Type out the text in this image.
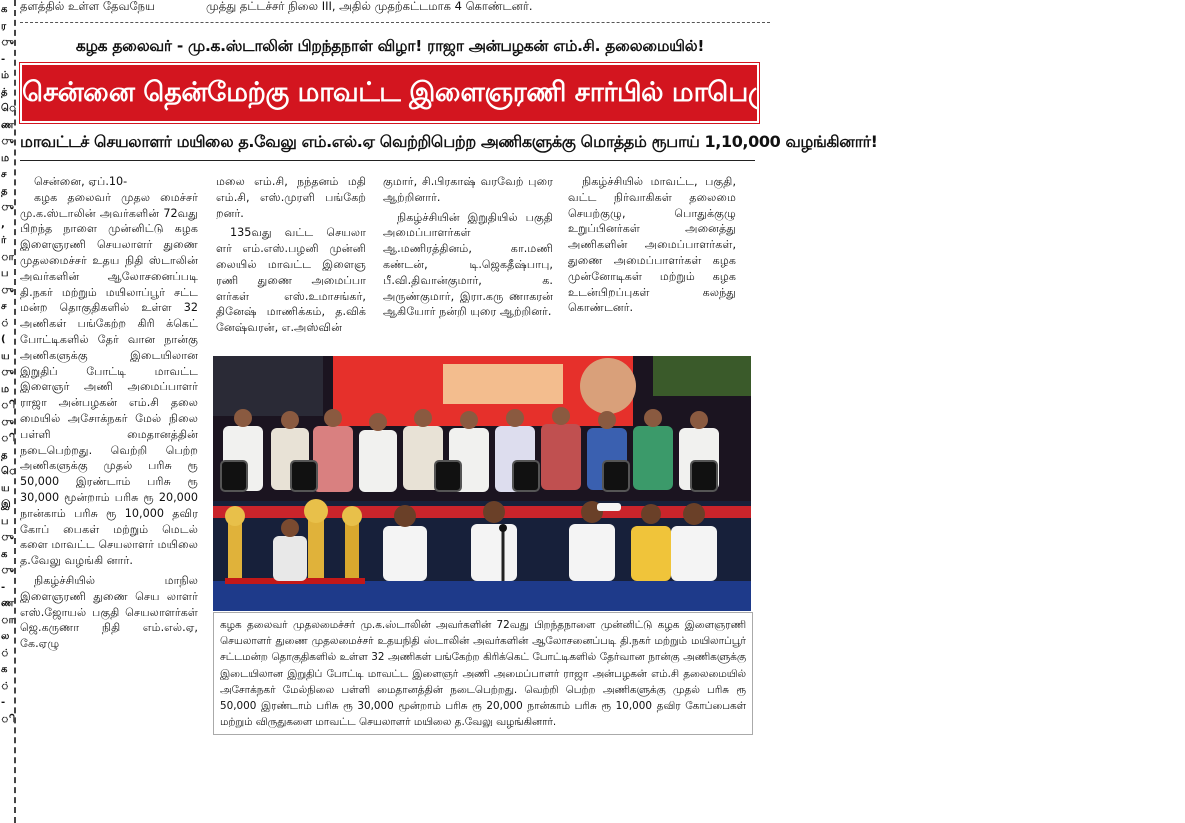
க
ர
ு
-
ம்
த்
ெ
ண
ு
ம
ச
த
ு
,
ர்
ா
ப
ு
ச
்
(
ய
ு
ம
ி
ு
ி
த
ெ
ய
இ
ப
ு
க
ு
-
ண
ா
ல
்
க
்
-
ி
தளத்தில் உள்ள தேவநேய	முத்து தட்டச்சர் நிலை III, அதில் முதற்கட்டமாக 4 கொண்டனர்.
கழக தலைவர் - மு.க.ஸ்டாலின் பிறந்தநாள் விழா! ராஜா அன்பழகன் எம்.சி. தலைமையில்!
சென்னை தென்மேற்கு மாவட்ட இளைஞரணி சார்பில் மாபெரும் மின்னொளி கிரிக்கெட் போட்டி!
மாவட்டச் செயலாளர் மயிலை த.வேலு எம்.எல்.ஏ வெற்றிபெற்ற அணிகளுக்கு மொத்தம் ரூபாய் 1,10,000 வழங்கினார்!

சென்னை, ஏப்.10-

கழக தலைவர் முதல மைச்சர் மு.க.ஸ்டாலின் அவர்களின் 72வது பிறந்த நாளை முன்னிட்டு கழக இளைஞரணி செயலாளர் துணை முதலமைச்சர் உதய நிதி ஸ்டாலின் அவர்களின் ஆலோசனைப்படி தி.நகர் மற்றும் மயிலாப்பூர் சட்ட மன்ற தொகுதிகளில் உள்ள 32 அணிகள் பங்கேற்ற கிரி க்கெட் போட்டிகளில் தேர் வான நான்கு அணிகளுக்கு இடையிலான இறுதிப் போட்டி மாவட்ட இளைஞர் அணி அமைப்பாளர் ராஜா அன்பழகன் எம்.சி தலை மையில் அசோக்நகர் மேல் நிலை பள்ளி மைதானத்தின் நடைபெற்றது. வெற்றி பெற்ற அணிகளுக்கு முதல் பரிசு ரூ 50,000 இரண்டாம் பரிசு ரூ 30,000 மூன்றாம் பரிசு ரூ 20,000 நான்காம் பரிசு ரூ 10,000 தவிர கோப் பைகள் மற்றும் மெடல் களை மாவட்ட செயலாளர் மயிலை த.வேலு வழங்கி னார்.

நிகழ்ச்சியில் மாநில இளைஞரணி துணை செய லாளர் எஸ்.ஜோயல் பகுதி செயலாளர்கள் ஜெ.கருணா நிதி எம்.எல்.ஏ, கே.ஏழு

மலை எம்.சி, நந்தனம் மதி எம்.சி, எஸ்.முரளி பங்கேற் றனர்.

135வது வட்ட செயலா ளர் எம்.எஸ்.பழனி முன்னி லையில் மாவட்ட இளைஞ ரணி துணை அமைப்பா ளர்கள் எஸ்.உமாசங்கர், தினேஷ் மாணிக்கம், த.விக் னேஷ்வரன், எ.அஸ்வின்

குமார், சி.பிரகாஷ் வரவேற் புரை ஆற்றினார்.

நிகழ்ச்சியின் இறுதியில் பகுதி அமைப்பாளர்கள் ஆ.மணிரத்தினம், கா.மணி கண்டன், டி.ஜெகதீஷ்பாபு, பீ.வி.திவான்குமார், க. அருண்குமார், இரா.கரு ணாகரன் ஆகியோர் நன்றி யுரை ஆற்றினர்.

நிகழ்ச்சியில் மாவட்ட, பகுதி, வட்ட நிர்வாகிகள் தலைமை செயற்குழு, பொதுக்குழு உறுப்பினர்கள் அனைத்து அணிகளின் அமைப்பாளர்கள், துணை அமைப்பாளர்கள் கழக முன்னோடிகள் மற்றும் கழக உடன்பிறப்புகள் கலந்து கொண்டனர்.

கழக தலைவர் முதலமைச்சர் மு.க.ஸ்டாலின் அவர்களின் 72வது பிறந்தநாளை முன்னிட்டு கழக இளைஞரணி செயலாளர் துணை முதலமைச்சர் உதயநிதி ஸ்டாலின் அவர்களின் ஆலோசனைப்படி தி.நகர் மற்றும் மயிலாப்பூர் சட்டமன்ற தொகுதிகளில் உள்ள 32 அணிகள் பங்கேற்ற கிரிக்கெட் போட்டிகளில் தேர்வான நான்கு அணிகளுக்கு இடையிலான இறுதிப் போட்டி மாவட்ட இளைஞர் அணி அமைப்பாளர் ராஜா அன்பழகன் எம்.சி தலைமையில் அசோக்நகர் மேல்நிலை பள்ளி மைதானத்தின் நடைபெற்றது. வெற்றி பெற்ற அணிகளுக்கு முதல் பரிசு ரூ 50,000 இரண்டாம் பரிசு ரூ 30,000 மூன்றாம் பரிசு ரூ 20,000 நான்காம் பரிசு ரூ 10,000 தவிர கோப்பைகள் மற்றும் விருதுகளை மாவட்ட செயலாளர் மயிலை த.வேலு வழங்கினார்.
